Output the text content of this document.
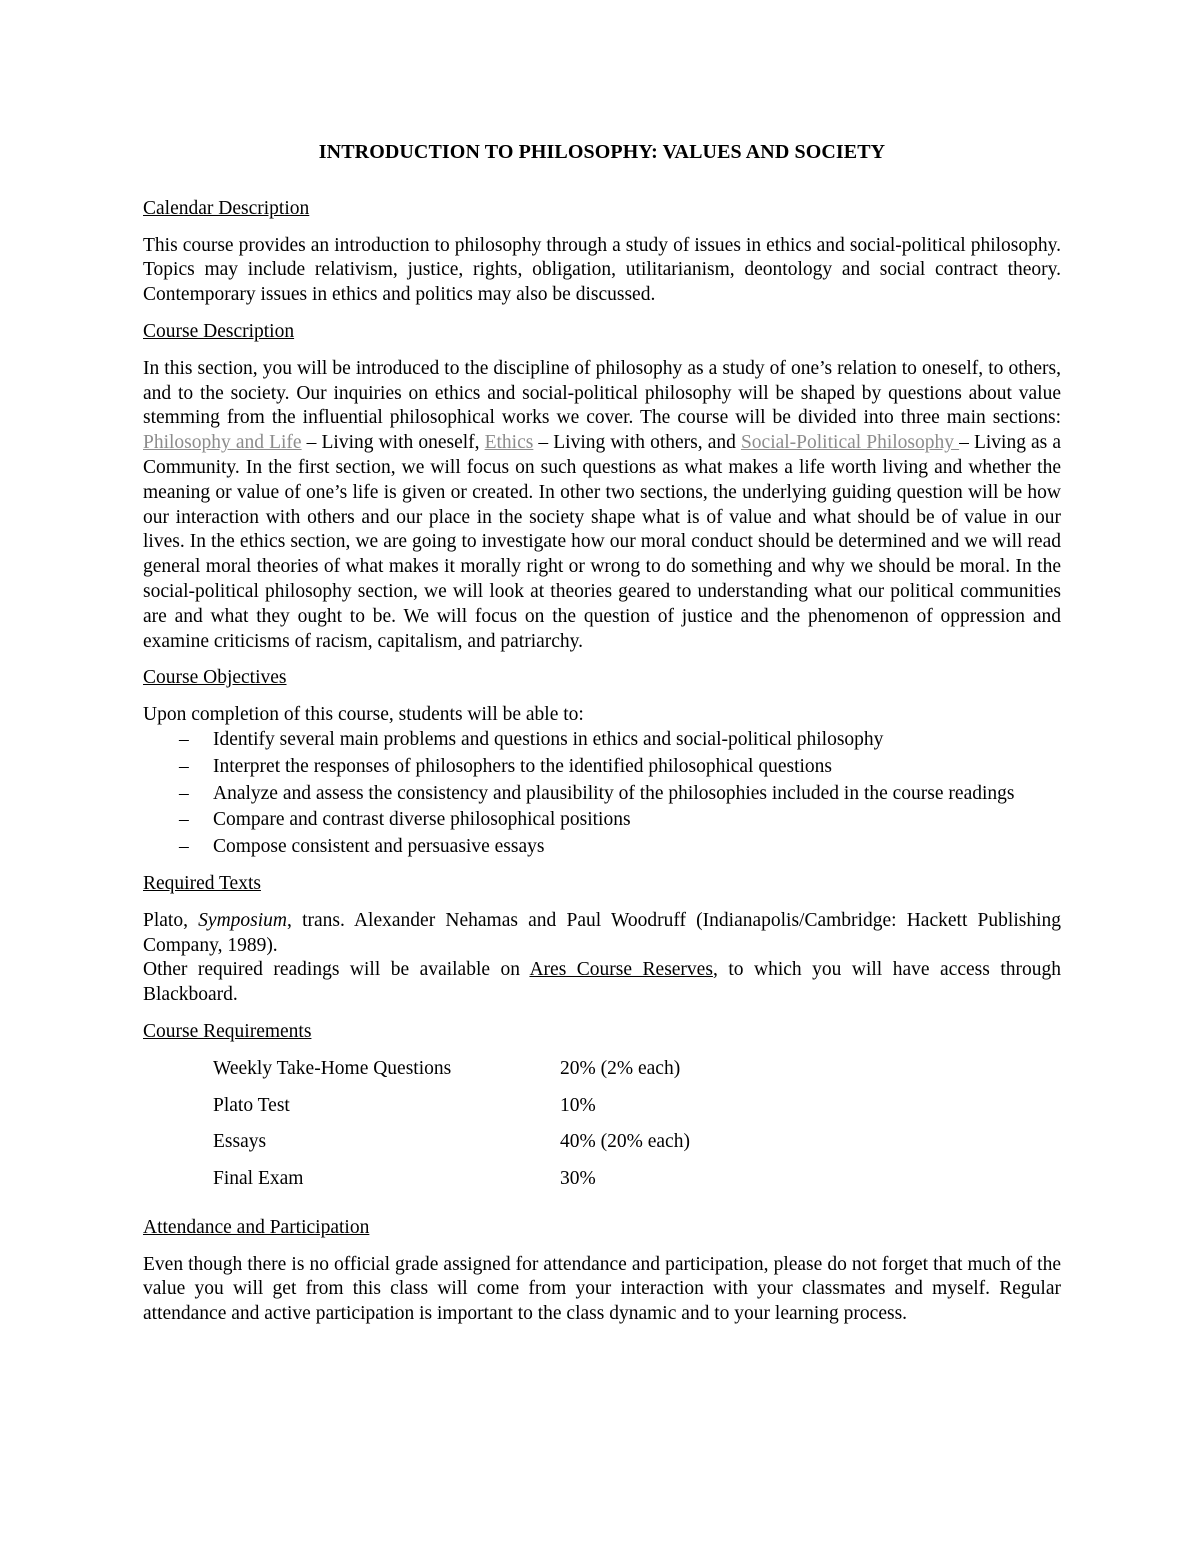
INTRODUCTION TO PHILOSOPHY: VALUES AND SOCIETY
Calendar Description

This course provides an introduction to philosophy through a study of issues in ethics and social-political philosophy. Topics may include relativism, justice, rights, obligation, utilitarianism, deontology and social contract theory. Contemporary issues in ethics and politics may also be discussed.

Course Description

In this section, you will be introduced to the discipline of philosophy as a study of one’s relation to oneself, to others, and to the society. Our inquiries on ethics and social-political philosophy will be shaped by questions about value stemming from the influential philosophical works we cover. The course will be divided into three main sections: Philosophy and Life – Living with oneself, Ethics – Living with others, and Social-Political Philosophy – Living as a Community. In the first section, we will focus on such questions as what makes a life worth living and whether the meaning or value of one’s life is given or created. In other two sections, the underlying guiding question will be how our interaction with others and our place in the society shape what is of value and what should be of value in our lives. In the ethics section, we are going to investigate how our moral conduct should be determined and we will read general moral theories of what makes it morally right or wrong to do something and why we should be moral. In the social-political philosophy section, we will look at theories geared to understanding what our political communities are and what they ought to be. We will focus on the question of justice and the phenomenon of oppression and examine criticisms of racism, capitalism, and patriarchy.

Course Objectives

Upon completion of this course, students will be able to:

– Identify several main problems and questions in ethics and social-political philosophy
– Interpret the responses of philosophers to the identified philosophical questions
– Analyze and assess the consistency and plausibility of the philosophies included in the course readings
– Compare and contrast diverse philosophical positions
– Compose consistent and persuasive essays
Required Texts

Plato, Symposium, trans. Alexander Nehamas and Paul Woodruff (Indianapolis/Cambridge: Hackett Publishing Company, 1989).

Other required readings will be available on Ares Course Reserves, to which you will have access through Blackboard.

Course Requirements
Weekly Take-Home Questions	20% (2% each)
Plato Test	10%
Essays	40% (20% each)
Final Exam	30%
Attendance and Participation

Even though there is no official grade assigned for attendance and participation, please do not forget that much of the value you will get from this class will come from your interaction with your classmates and myself. Regular attendance and active participation is important to the class dynamic and to your learning process.
